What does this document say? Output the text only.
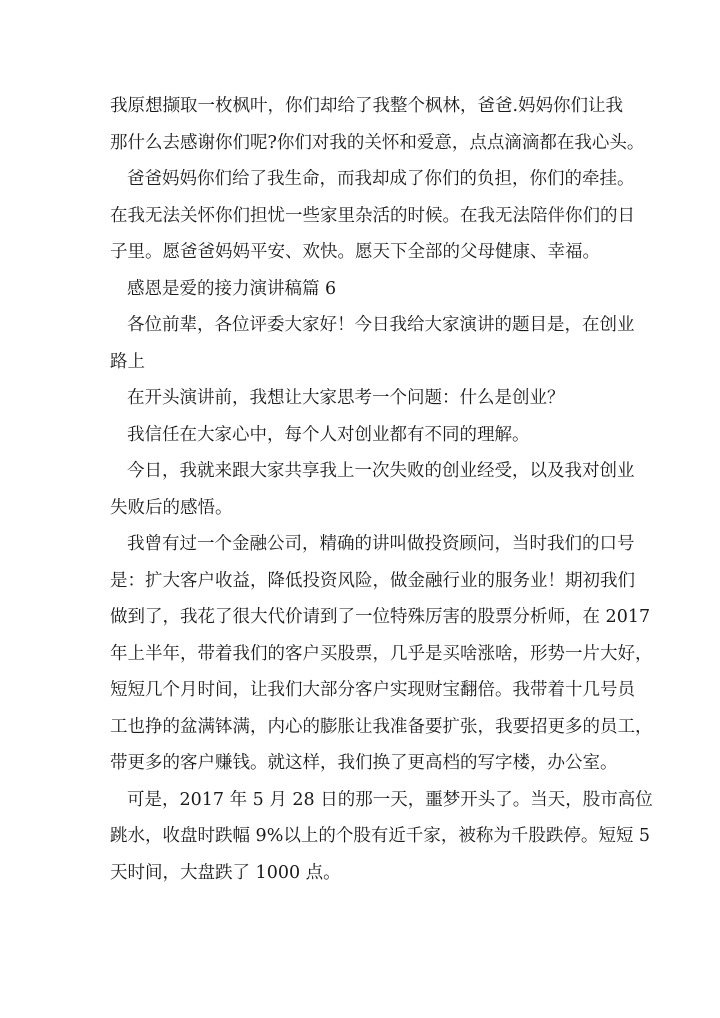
我原想撷取一枚枫叶，你们却给了我整个枫林，爸爸.妈妈你们让我
那什么去感谢你们呢?你们对我的关怀和爱意，点点滴滴都在我心头。

爸爸妈妈你们给了我生命，而我却成了你们的负担，你们的牵挂。
在我无法关怀你们担忧一些家里杂活的时候。在我无法陪伴你们的日
子里。愿爸爸妈妈平安、欢快。愿天下全部的父母健康、幸福。

感恩是爱的接力演讲稿篇 6

各位前辈，各位评委大家好！今日我给大家演讲的题目是，在创业
路上

在开头演讲前，我想让大家思考一个问题：什么是创业？

我信任在大家心中，每个人对创业都有不同的理解。

今日，我就来跟大家共享我上一次失败的创业经受，以及我对创业
失败后的感悟。

我曾有过一个金融公司，精确的讲叫做投资顾问，当时我们的口号
是：扩大客户收益，降低投资风险，做金融行业的服务业！期初我们
做到了，我花了很大代价请到了一位特殊厉害的股票分析师，在 2017
年上半年，带着我们的客户买股票，几乎是买啥涨啥，形势一片大好，
短短几个月时间，让我们大部分客户实现财宝翻倍。我带着十几号员
工也挣的盆满钵满，内心的膨胀让我准备要扩张，我要招更多的员工，
带更多的客户赚钱。就这样，我们换了更高档的写字楼，办公室。

可是，2017 年 5 月 28 日的那一天，噩梦开头了。当天，股市高位
跳水，收盘时跌幅 9%以上的个股有近千家，被称为千股跌停。短短 5
天时间，大盘跌了 1000 点。
